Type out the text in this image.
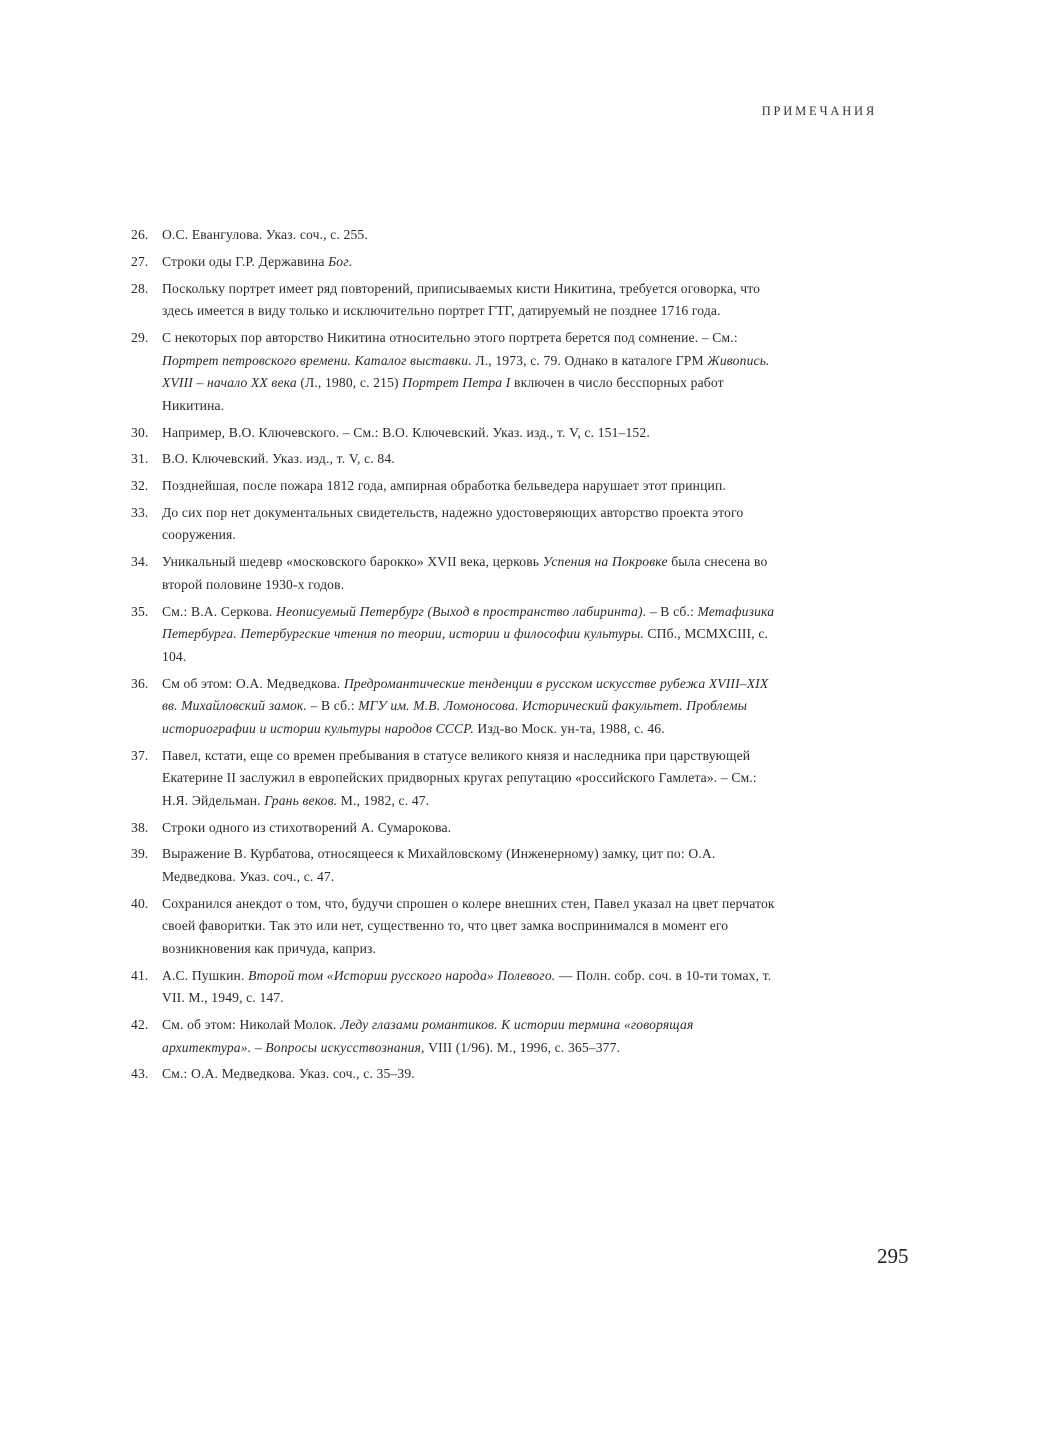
ПРИМЕЧАНИЯ
26. О.С. Евангулова. Указ. соч., с. 255.
27. Строки оды Г.Р. Державина Бог.
28. Поскольку портрет имеет ряд повторений, приписываемых кисти Никитина, требуется оговорка, что здесь имеется в виду только и исключительно портрет ГТГ, датируемый не позднее 1716 года.
29. С некоторых пор авторство Никитина относительно этого портрета берется под сомнение. – См.: Портрет петровского времени. Каталог выставки. Л., 1973, с. 79. Однако в каталоге ГРМ Живопись. XVIII – начало XX века (Л., 1980, с. 215) Портрет Петра I включен в число бесспорных работ Никитина.
30. Например, В.О. Ключевского. – См.: В.О. Ключевский. Указ. изд., т. V, с. 151–152.
31. В.О. Ключевский. Указ. изд., т. V, с. 84.
32. Позднейшая, после пожара 1812 года, ампирная обработка бельведера нарушает этот принцип.
33. До сих пор нет документальных свидетельств, надежно удостоверяющих авторство проекта этого сооружения.
34. Уникальный шедевр «московского барокко» XVII века, церковь Успения на Покровке была снесена во второй половине 1930-х годов.
35. См.: В.А. Серкова. Неописуемый Петербург (Выход в пространство лабиринта). – В сб.: Метафизика Петербурга. Петербургские чтения по теории, истории и философии культуры. СПб., MCMXCIII, с. 104.
36. См об этом: О.А. Медведкова. Предромантические тенденции в русском искусстве рубежа XVIII–XIX вв. Михайловский замок. – В сб.: МГУ им. М.В. Ломоносова. Исторический факультет. Проблемы историографии и истории культуры народов СССР. Изд-во Моск. ун-та, 1988, с. 46.
37. Павел, кстати, еще со времен пребывания в статусе великого князя и наследника при царствующей Екатерине II заслужил в европейских придворных кругах репутацию «российского Гамлета». – См.: Н.Я. Эйдельман. Грань веков. М., 1982, с. 47.
38. Строки одного из стихотворений А. Сумарокова.
39. Выражение В. Курбатова, относящееся к Михайловскому (Инженерному) замку, цит по: О.А. Медведкова. Указ. соч., с. 47.
40. Сохранился анекдот о том, что, будучи спрошен о колере внешних стен, Павел указал на цвет перчаток своей фаворитки. Так это или нет, существенно то, что цвет замка воспринимался в момент его возникновения как причуда, каприз.
41. А.С. Пушкин. Второй том «Истории русского народа» Полевого. — Полн. собр. соч. в 10-ти томах, т. VII. М., 1949, с. 147.
42. См. об этом: Николай Молок. Леду глазами романтиков. К истории термина «говорящая архитектура». – Вопросы искусствознания, VIII (1/96). М., 1996, с. 365–377.
43. См.: О.А. Медведкова. Указ. соч., с. 35–39.
295
